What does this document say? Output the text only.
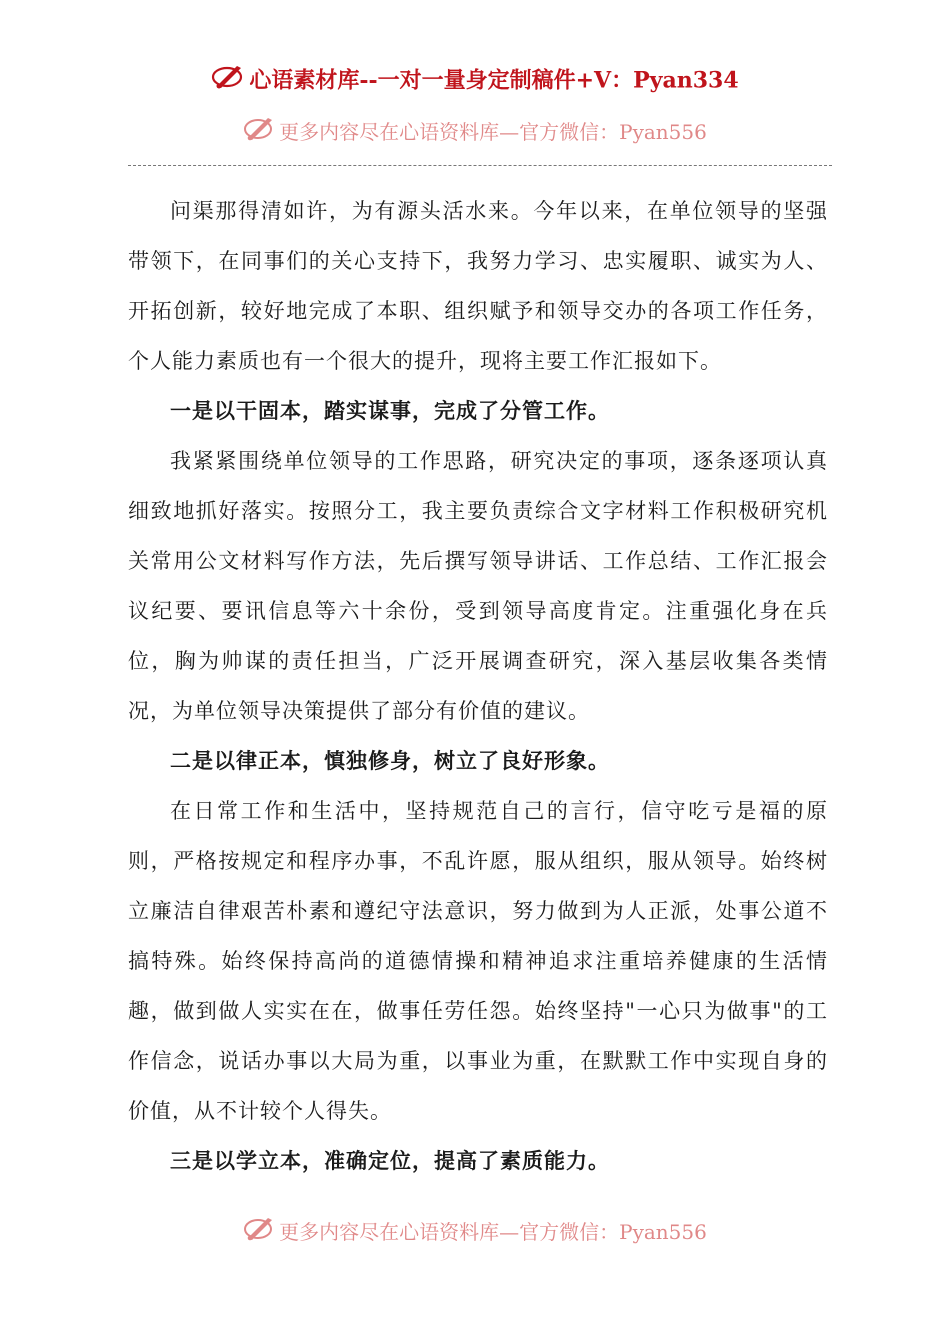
心语素材库--一对一量身定制稿件+V：Pyan334
更多内容尽在心语资料库—官方微信：Pyan556

问渠那得清如许，为有源头活水来。今年以来，在单位领导的坚强带领下，在同事们的关心支持下，我努力学习、忠实履职、诚实为人、开拓创新，较好地完成了本职、组织赋予和领导交办的各项工作任务，个人能力素质也有一个很大的提升，现将主要工作汇报如下。

一是以干固本，踏实谋事，完成了分管工作。

我紧紧围绕单位领导的工作思路，研究决定的事项，逐条逐项认真细致地抓好落实。按照分工，我主要负责综合文字材料工作积极研究机关常用公文材料写作方法，先后撰写领导讲话、工作总结、工作汇报会议纪要、要讯信息等六十余份，受到领导高度肯定。注重强化身在兵位，胸为帅谋的责任担当，广泛开展调查研究，深入基层收集各类情况，为单位领导决策提供了部分有价值的建议。

二是以律正本，慎独修身，树立了良好形象。

在日常工作和生活中，坚持规范自己的言行，信守吃亏是福的原则，严格按规定和程序办事，不乱许愿，服从组织，服从领导。始终树立廉洁自律艰苦朴素和遵纪守法意识，努力做到为人正派，处事公道不搞特殊。始终保持高尚的道德情操和精神追求注重培养健康的生活情趣，做到做人实实在在，做事任劳任怨。始终坚持"一心只为做事"的工作信念，说话办事以大局为重，以事业为重，在默默工作中实现自身的价值，从不计较个人得失。

三是以学立本，准确定位，提高了素质能力。

更多内容尽在心语资料库—官方微信：Pyan556
